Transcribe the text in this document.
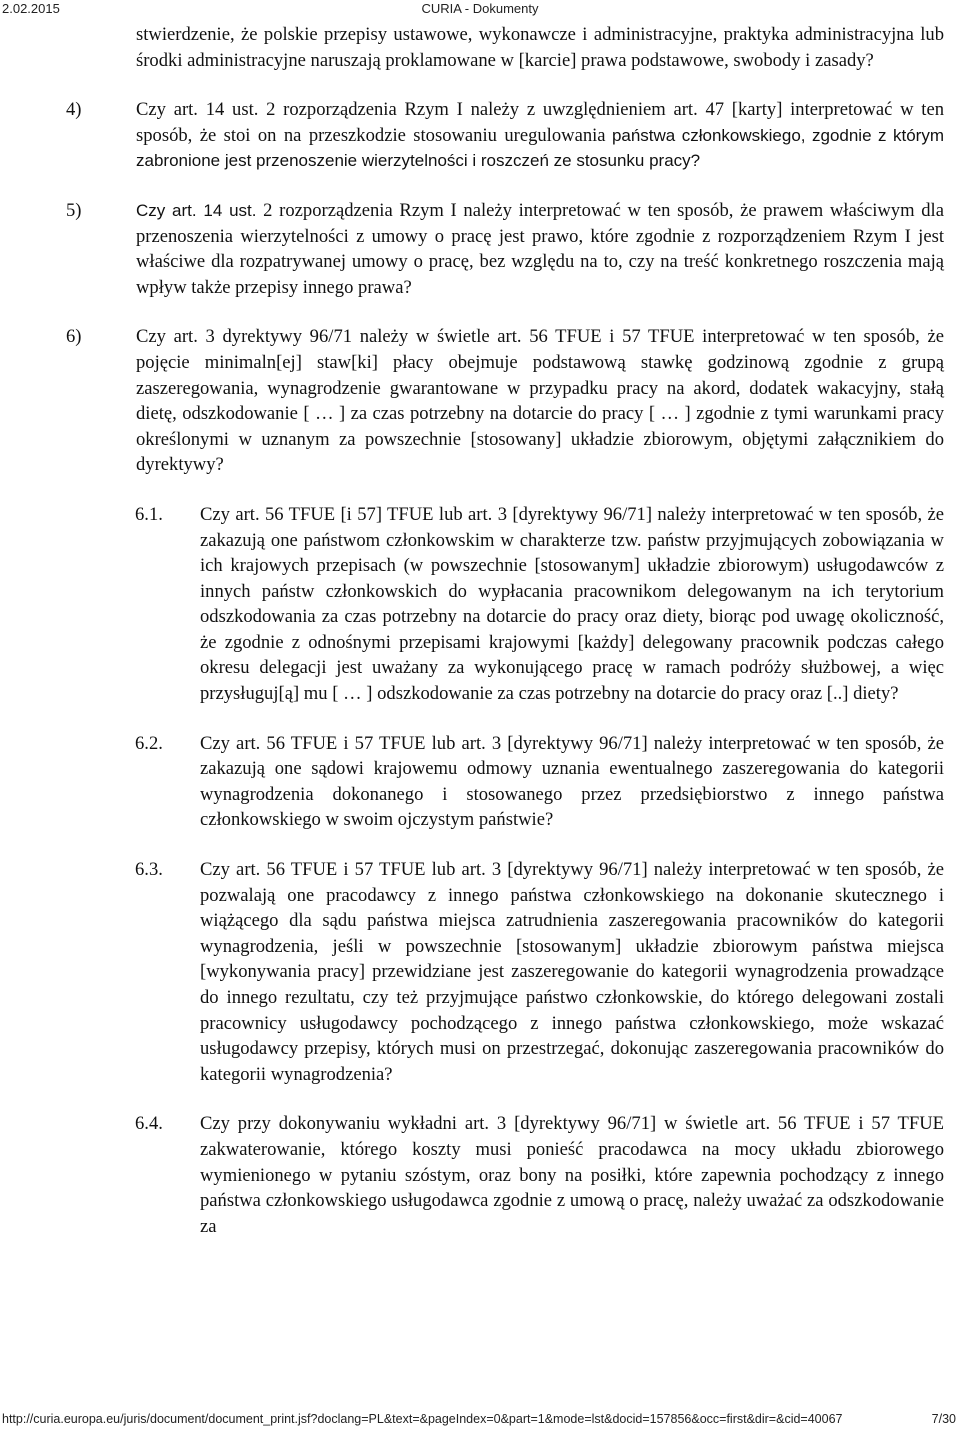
2.02.2015	CURIA - Dokumenty

stwierdzenie, że polskie przepisy ustawowe, wykonawcze i administracyjne, praktyka administracyjna lub środki administracyjne naruszają proklamowane w [karcie] prawa podstawowe, swobody i zasady?

4)	Czy art. 14 ust. 2 rozporządzenia Rzym I należy z uwzględnieniem art. 47 [karty] interpretować w ten sposób, że stoi on na przeszkodzie stosowaniu uregulowania państwa członkowskiego, zgodnie z którym zabronione jest przenoszenie wierzytelności i roszczeń ze stosunku pracy?
5)	Czy art. 14 ust. 2 rozporządzenia Rzym I należy interpretować w ten sposób, że prawem właściwym dla przenoszenia wierzytelności z umowy o pracę jest prawo, które zgodnie z rozporządzeniem Rzym I jest właściwe dla rozpatrywanej umowy o pracę, bez względu na to, czy na treść konkretnego roszczenia mają wpływ także przepisy innego prawa?
6)	Czy art. 3 dyrektywy 96/71 należy w świetle art. 56 TFUE i 57 TFUE interpretować w ten sposób, że pojęcie minimaln[ej] staw[ki] płacy obejmuje podstawową stawkę godzinową zgodnie z grupą zaszeregowania, wynagrodzenie gwarantowane w przypadku pracy na akord, dodatek wakacyjny, stałą dietę, odszkodowanie [ … ] za czas potrzebny na dotarcie do pracy [ … ] zgodnie z tymi warunkami pracy określonymi w uznanym za powszechnie [stosowany] układzie zbiorowym, objętymi załącznikiem do dyrektywy?
6.1. Czy art. 56 TFUE [i 57] TFUE lub art. 3 [dyrektywy 96/71] należy interpretować w ten sposób, że zakazują one państwom członkowskim w charakterze tzw. państw przyjmujących zobowiązania w ich krajowych przepisach (w powszechnie [stosowanym] układzie zbiorowym) usługodawców z innych państw członkowskich do wypłacania pracownikom delegowanym na ich terytorium odszkodowania za czas potrzebny na dotarcie do pracy oraz diety, biorąc pod uwagę okoliczność, że zgodnie z odnośnymi przepisami krajowymi [każdy] delegowany pracownik podczas całego okresu delegacji jest uważany za wykonującego pracę w ramach podróży służbowej, a więc przysługuj[ą] mu [ … ] odszkodowanie za czas potrzebny na dotarcie do pracy oraz [..] diety?
6.2. Czy art. 56 TFUE i 57 TFUE lub art. 3 [dyrektywy 96/71] należy interpretować w ten sposób, że zakazują one sądowi krajowemu odmowy uznania ewentualnego zaszeregowania do kategorii wynagrodzenia dokonanego i stosowanego przez przedsiębiorstwo z innego państwa członkowskiego w swoim ojczystym państwie?
6.3. Czy art. 56 TFUE i 57 TFUE lub art. 3 [dyrektywy 96/71] należy interpretować w ten sposób, że pozwalają one pracodawcy z innego państwa członkowskiego na dokonanie skutecznego i wiążącego dla sądu państwa miejsca zatrudnienia zaszeregowania pracowników do kategorii wynagrodzenia, jeśli w powszechnie [stosowanym] układzie zbiorowym państwa miejsca [wykonywania pracy] przewidziane jest zaszeregowanie do kategorii wynagrodzenia prowadzące do innego rezultatu, czy też przyjmujące państwo członkowskie, do którego delegowani zostali pracownicy usługodawcy pochodzącego z innego państwa członkowskiego, może wskazać usługodawcy przepisy, których musi on przestrzegać, dokonując zaszeregowania pracowników do kategorii wynagrodzenia?
6.4. Czy przy dokonywaniu wykładni art. 3 [dyrektywy 96/71] w świetle art. 56 TFUE i 57 TFUE zakwaterowanie, którego koszty musi ponieść pracodawca na mocy układu zbiorowego wymienionego w pytaniu szóstym, oraz bony na posiłki, które zapewnia pochodzący z innego państwa członkowskiego usługodawca zgodnie z umową o pracę, należy uważać za odszkodowanie za
http://curia.europa.eu/juris/document/document_print.jsf?doclang=PL&text=&pageIndex=0&part=1&mode=lst&docid=157856&occ=first&dir=&cid=40067	7/30
